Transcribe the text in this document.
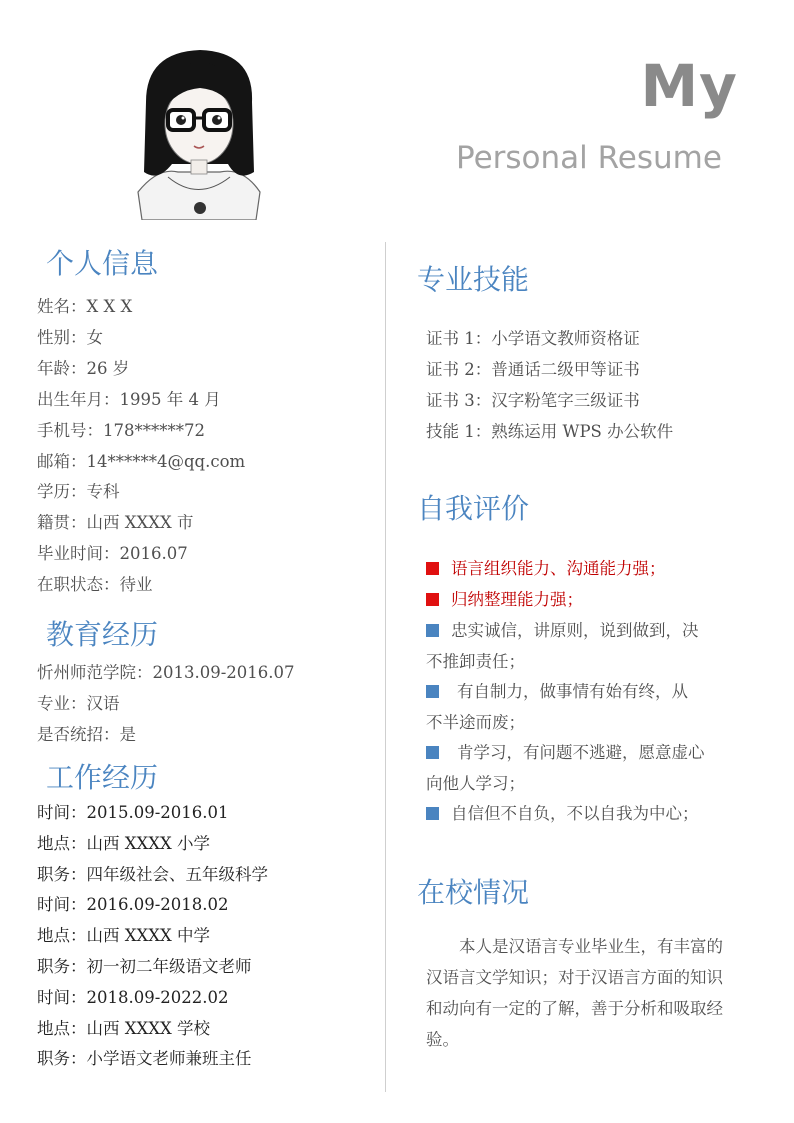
My
Personal Resume
个人信息
姓名：X X X
性别：女
年龄：26 岁
出生年月：1995 年 4 月
手机号：178******72
邮箱：14******4@qq.com
学历：专科
籍贯：山西 XXXX 市
毕业时间：2016.07
在职状态：待业
教育经历
忻州师范学院：2013.09-2016.07
专业：汉语
是否统招：是
工作经历
时间：2015.09-2016.01
地点：山西 XXXX 小学
职务：四年级社会、五年级科学
时间：2016.09-2018.02
地点：山西 XXXX 中学
职务：初一初二年级语文老师
时间：2018.09-2022.02
地点：山西 XXXX 学校
职务：小学语文老师兼班主任
专业技能
证书 1：小学语文教师资格证
证书 2：普通话二级甲等证书
证书 3：汉字粉笔字三级证书
技能 1：熟练运用 WPS 办公软件
自我评价
语言组织能力、沟通能力强；
归纳整理能力强；
忠实诚信，讲原则，说到做到，决
不推卸责任；
有自制力，做事情有始有终，从
不半途而废；
肯学习，有问题不逃避，愿意虚心
向他人学习；
自信但不自负，不以自我为中心；
在校情况
　　本人是汉语言专业毕业生，有丰富的汉语言文学知识；对于汉语言方面的知识和动向有一定的了解，善于分析和吸取经验。
